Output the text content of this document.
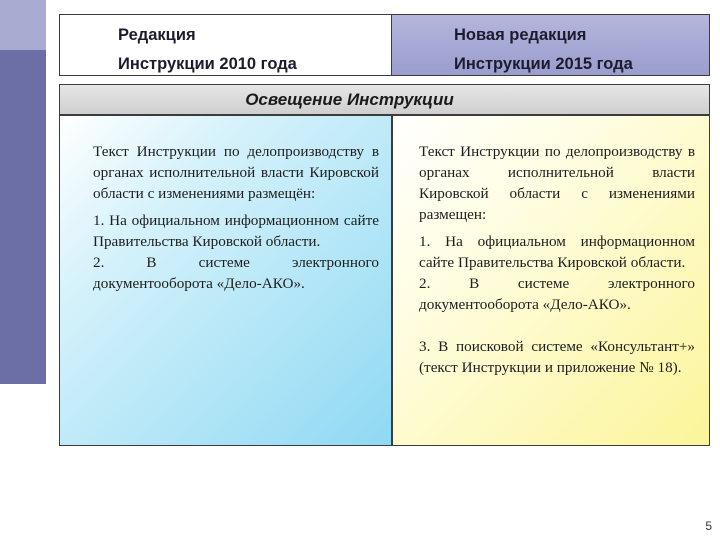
Редакция
Инструкции 2010 года
Новая редакция
Инструкции 2015 года
Освещение Инструкции

Текст Инструкции по делопроизводству в органах исполнительной власти Кировской области с изменениями размещён:

1. На официальном информационном сайте Правительства Кировской области.

2. В системе электронного документооборота «Дело-АКО».

Текст Инструкции по делопроизводству в органах исполнительной власти Кировской области с изменениями размещен:

1. На официальном информационном сайте Правительства Кировской области.

2. В системе электронного документооборота «Дело-АКО».

3. В поисковой системе «Консультант+» (текст Инструкции и приложение № 18).

5
